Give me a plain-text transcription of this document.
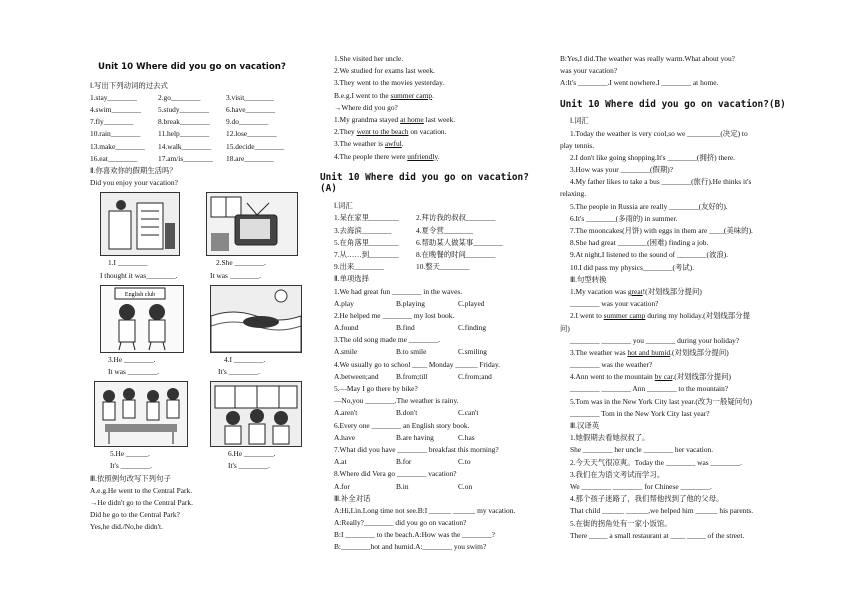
Unit 10 Where did you go on vacation?
Ⅰ.写出下列动词的过去式
1.stay________	2.go________	3.visit________
4.swim________	5.study________	6.have________
7.fly________	8.break________	9.do________
10.rain________	11.help________	12.lose________
13.make________	14.walk________	15.decide________
16.eat________	17.am/is________	18.are________
Ⅱ.你喜欢你的假期生活吗？
Did you enjoy your vacation?
1.I ________	2.She ________.
I thought it was________.	It was ________.
English club
3.He ________.	4.I ________.
It was ________.	It's ________.
5.He ______.	6.He ________.
It's ________.	It's ________.
Ⅲ.依照例句改写下列句子
A.e.g.He went to the Central Park.
→He didn't go to the Central Park.
Did he go to the Central Park?
Yes,he did./No,he didn't.
1.She visited her uncle.
2.We studied for exams last week.
3.They went to the movies yesterday.
B.e.g.I went to the summer camp.
→Where did you go?
1.My grandma stayed at home last week.
2.They went to the beach on vacation.
3.The weather is awful.
4.The people there were unfriendly.
Unit 10 Where did you go on vacation?(A)
Ⅰ.词汇
1.呆在家里________	2.拜访我的叔叔________
3.去海滨________	4.夏令营________
5.在角落里________	6.帮助某人做某事________
7.从……到________	8.在晚餐的时间________
9.出来________	10.整天________
Ⅱ.单项选择
1.We had great fun ________ in the waves.
A.play	B.playing	C.played
2.He helped me ________ my lost book.
A.found	B.find	C.finding
3.The old song made me ________.
A.smile	B.to smile	C.smiling
4.We usually go to school ____ Monday ______ Friday.
A.between;and	B.from;till	C.from;and
5.—May I go there by bike?
—No,you ________.The weather is rainy.
A.aren't	B.don't	C.can't
6.Every one ________ an English story book.
A.have	B.are having	C.has
7.What did you have ________ breakfast this morning?
A.at	B.for	C.to
8.Where did Vera go ________ vacation?
A.for	B.in	C.on
Ⅲ.补全对话
A:Hi,Lin.Long time not see.B:I ______ ______ my vacation.
A:Really?________ did you go on vacation?
B:I ________ to the beach.A:How was the ________?
B:________hot and humid.A:________ you swim?
B:Yes,I did.The weather was really warm.What about you?
was your vacation?
A:It's ________.I went nowhere.I ________ at home.
Unit 10 Where did you go on vacation?(B)
Ⅰ.词汇
1.Today the weather is very cool,so we _________(决定) to
play tennis.
2.I don't like going shopping.It's ________(拥挤) there.
3.How was your ________(假期)?
4.My father likes to take a bus ________(旅行).He thinks it's
relaxing.
5.The people in Russia are really ________(友好的).
6.It's ________(多雨的) in summer.
7.The mooncakes(月饼) with eggs in them are ____(美味的).
8.She had great ________(困难) finding a job.
9.At night,I listened to the sound of ________(波浪).
10.I did pass my physics________(考试).
Ⅲ.句型转换
1.My vacation was great!(对划线部分提问)
________ was your vacation?
2.I went to summer camp during my holiday.(对划线部分提
问)
________ ________ you ________ during your holiday?
3.The weather was hot and humid.(对划线部分提问)
________ was the weather?
4.Ann went to the mountain by car.(对划线部分提问)
________ ________ Ann ________ to the mountain?
5.Tom was in the New York City last year.(改为一般疑问句)
________ Tom in the New York City last year?
Ⅲ.汉译英
1.她假期去看她叔叔了。
She ________ her uncle ________ her vacation.
2.今天天气很凉爽。Today the ________ was ________.
3.我们在为语文考试而学习。
We ________ ________ for Chinese ________.
4.那个孩子迷路了，我们帮他找到了他的父母。
That child ______ ______,we helped him ______ his parents.
5.在街的拐角处有一家小饭馆。
There _____ a small restaurant at ____ _____ of the street.
